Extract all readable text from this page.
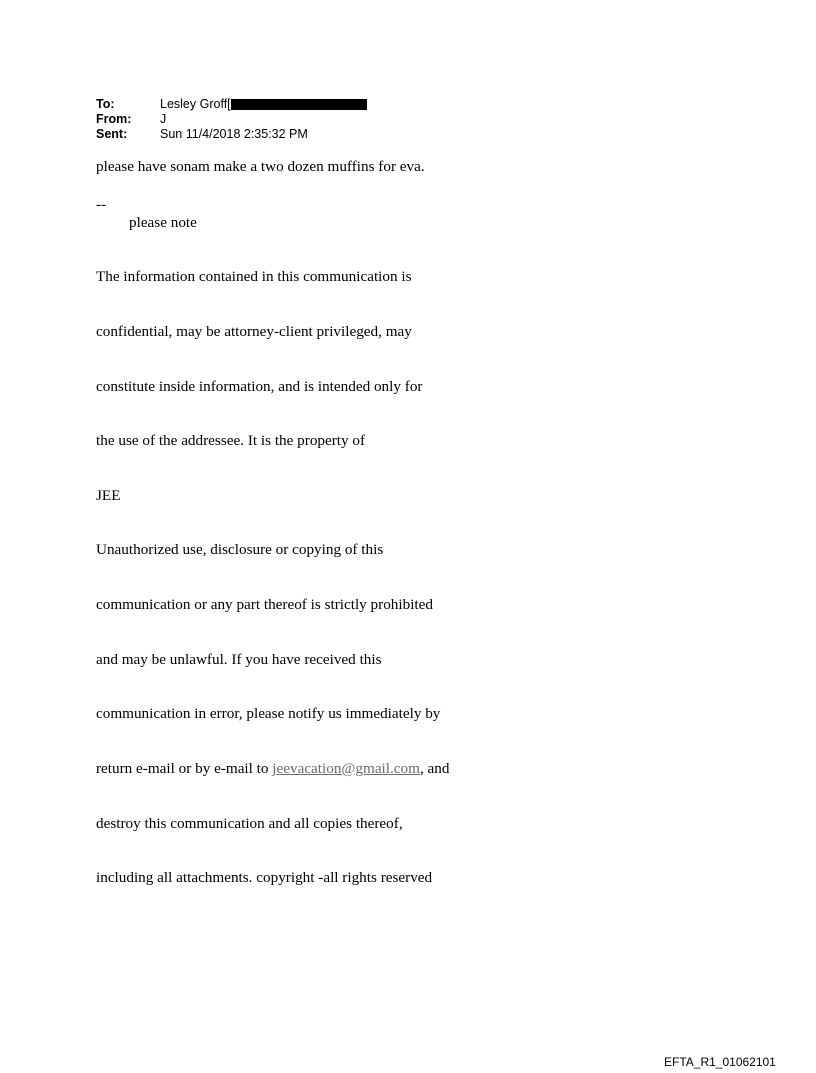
To:	Lesley Groff[
From:	J
Sent:	Sun 11/4/2018 2:35:32 PM
please have sonam make a two dozen muffins for eva.
--
please note

The information contained in this communication is

confidential, may be attorney-client privileged, may

constitute inside information, and is intended only for

the use of the addressee. It is the property of

JEE

Unauthorized use, disclosure or copying of this

communication or any part thereof is strictly prohibited

and may be unlawful. If you have received this

communication in error, please notify us immediately by

return e-mail or by e-mail to jeevacation@gmail.com, and

destroy this communication and all copies thereof,

including all attachments. copyright -all rights reserved

EFTA_R1_01062101
